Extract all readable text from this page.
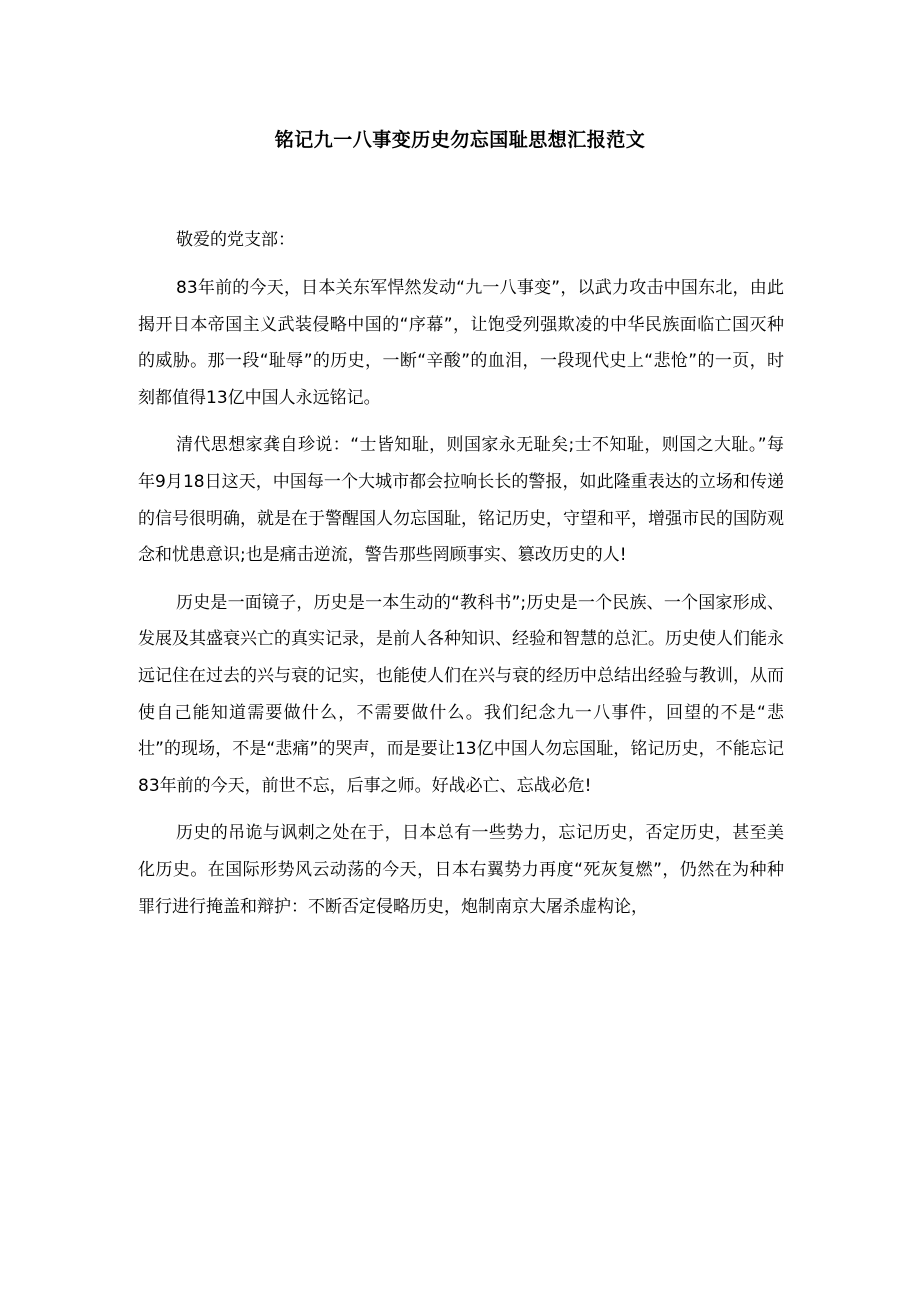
铭记九一八事变历史勿忘国耻思想汇报范文

敬爱的党支部：

83年前的今天，日本关东军悍然发动“九一八事变”，以武力攻击中国东北，由此揭开日本帝国主义武装侵略中国的“序幕”，让饱受列强欺凌的中华民族面临亡国灭种的威胁。那一段“耻辱”的历史，一断“辛酸”的血泪，一段现代史上“悲怆”的一页，时刻都值得13亿中国人永远铭记。

清代思想家龚自珍说：“士皆知耻，则国家永无耻矣;士不知耻，则国之大耻。”每年9月18日这天，中国每一个大城市都会拉响长长的警报，如此隆重表达的立场和传递的信号很明确，就是在于警醒国人勿忘国耻，铭记历史，守望和平，增强市民的国防观念和忧患意识;也是痛击逆流，警告那些罔顾事实、篡改历史的人!

历史是一面镜子，历史是一本生动的“教科书”;历史是一个民族、一个国家形成、发展及其盛衰兴亡的真实记录，是前人各种知识、经验和智慧的总汇。历史使人们能永远记住在过去的兴与衰的记实，也能使人们在兴与衰的经历中总结出经验与教训，从而使自己能知道需要做什么，不需要做什么。我们纪念九一八事件，回望的不是“悲壮”的现场，不是“悲痛”的哭声，而是要让13亿中国人勿忘国耻，铭记历史，不能忘记83年前的今天，前世不忘，后事之师。好战必亡、忘战必危!

历史的吊诡与讽刺之处在于，日本总有一些势力，忘记历史，否定历史，甚至美化历史。在国际形势风云动荡的今天，日本右翼势力再度“死灰复燃”，仍然在为种种罪行进行掩盖和辩护：不断否定侵略历史，炮制南京大屠杀虚构论，
